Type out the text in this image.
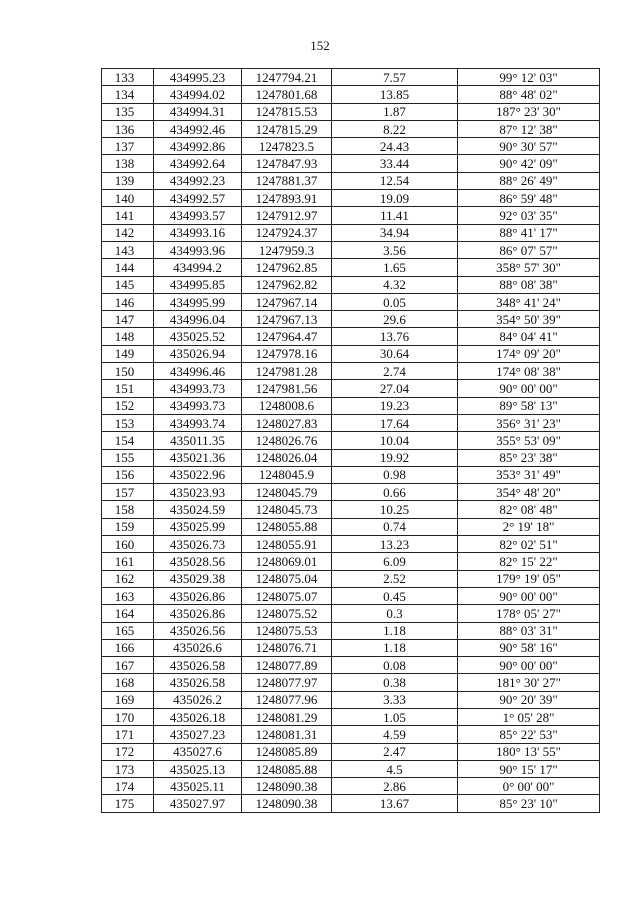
152
133	434995.23	1247794.21	7.57	99° 12' 03"
134	434994.02	1247801.68	13.85	88° 48' 02"
135	434994.31	1247815.53	1.87	187° 23' 30"
136	434992.46	1247815.29	8.22	87° 12' 38"
137	434992.86	1247823.5	24.43	90° 30' 57"
138	434992.64	1247847.93	33.44	90° 42' 09"
139	434992.23	1247881.37	12.54	88° 26' 49"
140	434992.57	1247893.91	19.09	86° 59' 48"
141	434993.57	1247912.97	11.41	92° 03' 35"
142	434993.16	1247924.37	34.94	88° 41' 17"
143	434993.96	1247959.3	3.56	86° 07' 57"
144	434994.2	1247962.85	1.65	358° 57' 30"
145	434995.85	1247962.82	4.32	88° 08' 38"
146	434995.99	1247967.14	0.05	348° 41' 24"
147	434996.04	1247967.13	29.6	354° 50' 39"
148	435025.52	1247964.47	13.76	84° 04' 41"
149	435026.94	1247978.16	30.64	174° 09' 20"
150	434996.46	1247981.28	2.74	174° 08' 38"
151	434993.73	1247981.56	27.04	90° 00' 00"
152	434993.73	1248008.6	19.23	89° 58' 13"
153	434993.74	1248027.83	17.64	356° 31' 23"
154	435011.35	1248026.76	10.04	355° 53' 09"
155	435021.36	1248026.04	19.92	85° 23' 38"
156	435022.96	1248045.9	0.98	353° 31' 49"
157	435023.93	1248045.79	0.66	354° 48' 20"
158	435024.59	1248045.73	10.25	82° 08' 48"
159	435025.99	1248055.88	0.74	2° 19' 18"
160	435026.73	1248055.91	13.23	82° 02' 51"
161	435028.56	1248069.01	6.09	82° 15' 22"
162	435029.38	1248075.04	2.52	179° 19' 05"
163	435026.86	1248075.07	0.45	90° 00' 00"
164	435026.86	1248075.52	0.3	178° 05' 27"
165	435026.56	1248075.53	1.18	88° 03' 31"
166	435026.6	1248076.71	1.18	90° 58' 16"
167	435026.58	1248077.89	0.08	90° 00' 00"
168	435026.58	1248077.97	0.38	181° 30' 27"
169	435026.2	1248077.96	3.33	90° 20' 39"
170	435026.18	1248081.29	1.05	1° 05' 28"
171	435027.23	1248081.31	4.59	85° 22' 53"
172	435027.6	1248085.89	2.47	180° 13' 55"
173	435025.13	1248085.88	4.5	90° 15' 17"
174	435025.11	1248090.38	2.86	0° 00' 00"
175	435027.97	1248090.38	13.67	85° 23' 10"
